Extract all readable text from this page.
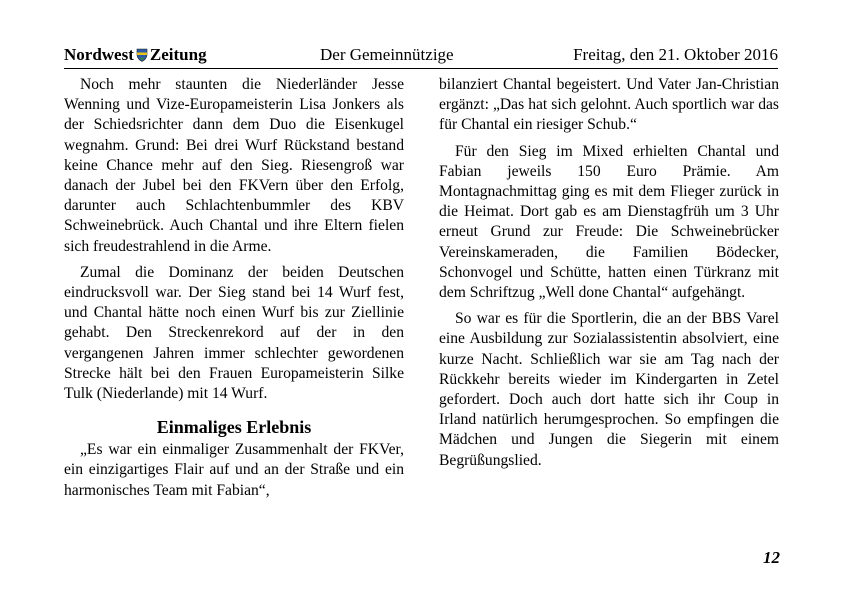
Nordwest Zeitung	Der Gemeinnützige	Freitag, den 21. Oktober 2016

Noch mehr staunten die Niederländer Jesse Wenning und Vize-Europameisterin Lisa Jonkers als der Schiedsrichter dann dem Duo die Eisenkugel wegnahm. Grund: Bei drei Wurf Rückstand bestand keine Chance mehr auf den Sieg. Riesengroß war danach der Jubel bei den FKVern über den Erfolg, darunter auch Schlachtenbummler des KBV Schweinebrück. Auch Chantal und ihre Eltern fielen sich freudestrahlend in die Arme.

Zumal die Dominanz der beiden Deutschen eindrucksvoll war. Der Sieg stand bei 14 Wurf fest, und Chantal hätte noch einen Wurf bis zur Ziellinie gehabt. Den Streckenrekord auf der in den vergangenen Jahren immer schlechter gewordenen Strecke hält bei den Frauen Europameisterin Silke Tulk (Niederlande) mit 14 Wurf.

Einmaliges Erlebnis

„Es war ein einmaliger Zusammenhalt der FKVer, ein einzigartiges Flair auf und an der Straße und ein harmonisches Team mit Fabian“,

bilanziert Chantal begeistert. Und Vater Jan-Christian ergänzt: „Das hat sich gelohnt. Auch sportlich war das für Chantal ein riesiger Schub.“

Für den Sieg im Mixed erhielten Chantal und Fabian jeweils 150 Euro Prämie. Am Montagnachmittag ging es mit dem Flieger zurück in die Heimat. Dort gab es am Dienstagfrüh um 3 Uhr erneut Grund zur Freude: Die Schweinebrücker Vereinskameraden, die Familien Bödecker, Schonvogel und Schütte, hatten einen Türkranz mit dem Schriftzug „Well done Chantal“ aufgehängt.

So war es für die Sportlerin, die an der BBS Varel eine Ausbildung zur Sozialassistentin absolviert, eine kurze Nacht. Schließlich war sie am Tag nach der Rückkehr bereits wieder im Kindergarten in Zetel gefordert. Doch auch dort hatte sich ihr Coup in Irland natürlich herumgesprochen. So empfingen die Mädchen und Jungen die Siegerin mit einem Begrüßungslied.

12
